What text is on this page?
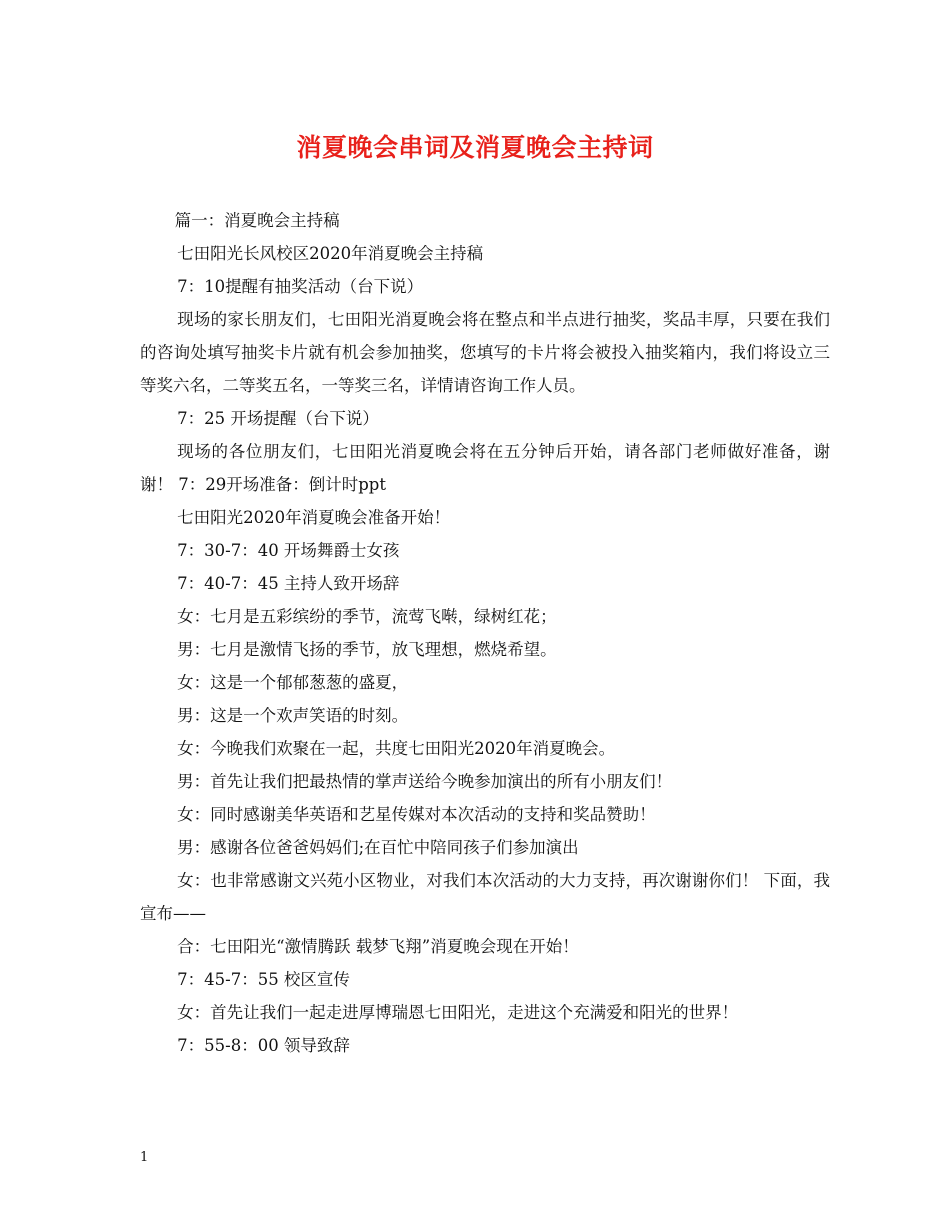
消夏晚会串词及消夏晚会主持词

篇一：消夏晚会主持稿

七田阳光长风校区2020年消夏晚会主持稿

7：10提醒有抽奖活动（台下说）

现场的家长朋友们，七田阳光消夏晚会将在整点和半点进行抽奖，奖品丰厚，只要在我们的咨询处填写抽奖卡片就有机会参加抽奖，您填写的卡片将会被投入抽奖箱内，我们将设立三等奖六名，二等奖五名，一等奖三名，详情请咨询工作人员。

7：25 开场提醒（台下说）

现场的各位朋友们，七田阳光消夏晚会将在五分钟后开始，请各部门老师做好准备，谢谢！ 7：29开场准备：倒计时ppt

七田阳光2020年消夏晚会准备开始！

7：30-7：40 开场舞爵士女孩

7：40-7：45 主持人致开场辞

女：七月是五彩缤纷的季节，流莺飞啭，绿树红花；

男：七月是激情飞扬的季节，放飞理想，燃烧希望。

女：这是一个郁郁葱葱的盛夏，

男：这是一个欢声笑语的时刻。

女：今晚我们欢聚在一起，共度七田阳光2020年消夏晚会。

男：首先让我们把最热情的掌声送给今晚参加演出的所有小朋友们！

女：同时感谢美华英语和艺星传媒对本次活动的支持和奖品赞助！

男：感谢各位爸爸妈妈们;在百忙中陪同孩子们参加演出

女：也非常感谢文兴苑小区物业，对我们本次活动的大力支持，再次谢谢你们！ 下面，我宣布——

合：七田阳光“激情腾跃 载梦飞翔”消夏晚会现在开始！

7：45-7：55 校区宣传

女：首先让我们一起走进厚博瑞恩七田阳光，走进这个充满爱和阳光的世界！

7：55-8：00 领导致辞

1
